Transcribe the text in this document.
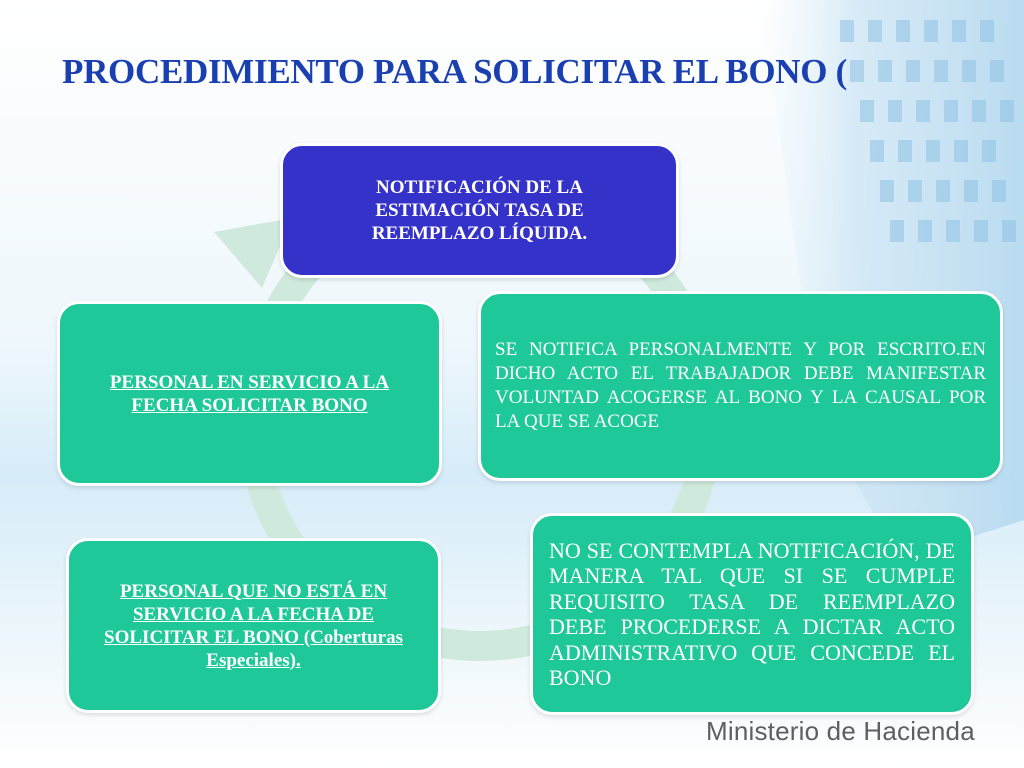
PROCEDIMIENTO PARA SOLICITAR EL BONO (

NOTIFICACIÓN DE LA ESTIMACIÓN TASA DE REEMPLAZO LÍQUIDA.

SE NOTIFICA PERSONALMENTE Y POR ESCRITO.EN DICHO ACTO EL TRABAJADOR DEBE MANIFESTAR VOLUNTAD ACOGERSE AL BONO Y LA CAUSAL POR LA QUE SE ACOGE

NO SE CONTEMPLA NOTIFICACIÓN, DE MANERA TAL QUE SI SE CUMPLE REQUISITO TASA DE REEMPLAZO DEBE PROCEDERSE A DICTAR ACTO ADMINISTRATIVO QUE CONCEDE EL BONO

PERSONAL QUE NO ESTÁ EN SERVICIO A LA FECHA DE SOLICITAR EL BONO (Coberturas Especiales).

PERSONAL EN SERVICIO A LA FECHA SOLICITAR BONO

Ministerio de Hacienda
